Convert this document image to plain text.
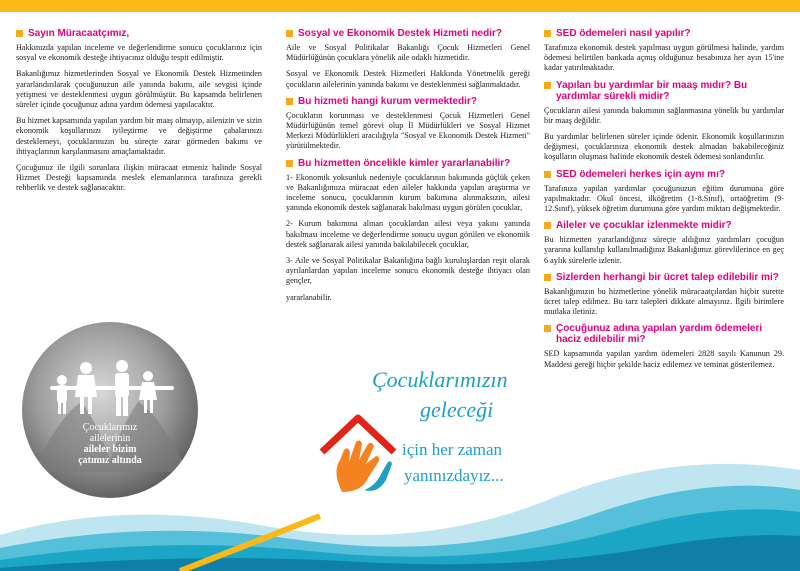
Sayın Müracaatçımız,

Hakkınızda yapılan inceleme ve değerlendirme sonucu çocuklarınız için sosyal ve ekonomik desteğe ihtiyacınız olduğu tespit edilmiştir.

Bakanlığımız hizmetlerinden Sosyal ve Ekonomik Destek Hizmetinden yararlandırılarak çocuğunuzun aile yanında bakımı, aile sevgisi içinde yetişmesi ve desteklenmesi uygun görülmüştür. Bu kapsamda belirlenen süreler içinde çocuğunuz adına yardım ödemesi yapılacaktır.

Bu hizmet kapsamında yapılan yardım bir maaş olmayıp, ailenizin ve sizin ekonomik koşullarınızı iyileştirme ve değiştirme çabalarınızı desteklemeyi, çocuklarınızın bu süreçte zarar görmeden bakımı ve ihtiyaçlarının karşılanmasını amaçlamaktadır.

Çocuğunuz ile ilgili sorunlara ilişkin müracaat etmeniz halinde Sosyal Hizmet Desteği kapsamında meslek elemanlarınca tarafınıza gerekli rehberlik ve destek sağlanacaktır.

Çocuklarımız
ailelerinin
aileler bizim
çatımız altında
Sosyal ve Ekonomik Destek Hizmeti nedir?

Aile ve Sosyal Politikalar Bakanlığı Çocuk Hizmetleri Genel Müdürlüğünün çocuklara yönelik aile odaklı hizmetidir.

Sosyal ve Ekonomik Destek Hizmetleri Hakkında Yönetmelik gereği çocukların ailelerinin yanında bakımı ve desteklenmesi sağlanmaktadır.

Bu hizmeti hangi kurum vermektedir?

Çocukların korunması ve desteklenmesi Çocuk Hizmetleri Genel Müdürlüğünün temel görevi olup İl Müdürlükleri ve Sosyal Hizmet Merkezi Müdürlükleri aracılığıyla "Sosyal ve Ekonomik Destek Hizmeti" yürütülmektedir.

Bu hizmetten öncelikle kimler yararlanabilir?

1- Ekonomik yoksunluk nedeniyle çocuklarının bakımında güçlük çeken ve Bakanlığımıza müracaat eden aileler hakkında yapılan araştırma ve inceleme sonucu, çocuklarının kurum bakımına alınmaksızın, ailesi yanında ekonomik destek sağlanarak bakılması uygun görülen çocuklar,

2- Kurum bakımına alınan çocuklardan ailesi veya yakını yanında bakılması inceleme ve değerlendirme sonucu uygun görülen ve ekonomik destek sağlanarak ailesi yanında bakılabilecek çocuklar,

3- Aile ve Sosyal Politikalar Bakanlığına bağlı kuruluşlardan reşit olarak ayrılanlardan yapılan inceleme sonucu ekonomik desteğe ihtiyacı olan gençler,

yararlanabilir.

Çocuklarımızın
geleceği
için her zaman
yanınızdayız...
SED ödemeleri nasıl yapılır?

Tarafınıza ekonomik destek yapılması uygun görülmesi halinde, yardım ödemesi belirtilen bankada açmış olduğunuz hesabınıza her ayın 15'ine kadar yatırılmaktadır.

Yapılan bu yardımlar bir maaş mıdır? Bu yardımlar sürekli midir?

Çocukların ailesi yanında bakımının sağlanmasına yönelik bu yardımlar bir maaş değildir.

Bu yardımlar belirlenen süreler içinde ödenir. Ekonomik koşullarınızın değişmesi, çocuklarınıza ekonomik destek almadan bakabileceğiniz koşulların oluşması halinde ekonomik destek ödemesi sonlandırılır.

SED ödemeleri herkes için aynı mı?

Tarafınıza yapılan yardımlar çocuğunuzun eğitim durumuna göre yapılmaktadır. Okul öncesi, ilköğretim (1-8.Sınıf), ortaöğretim (9-12.Sınıf), yüksek öğretim durumuna göre yardım miktarı değişmektedir.

Aileler ve çocuklar izlenmekte midir?

Bu hizmetten yararlandığınız süreçte aldığınız yardımları çocuğun yararına kullanılıp kullanılmadığınız Bakanlığımız görevlilerince en geç 6 aylık sürelerle izlenir.

Sizlerden herhangi bir ücret talep edilebilir mi?

Bakanlığımızın bu hizmetlerine yönelik müracaatçılardan hiçbir surette ücret talep edilmez. Bu tarz talepleri dikkate almayınız. İlgili birimlere mutlaka iletiniz.

Çocuğunuz adına yapılan yardım ödemeleri haciz edilebilir mi?

SED kapsamında yapılan yardım ödemeleri 2828 sayılı Kanunun 29. Maddesi gereği hiçbir şekilde haciz edilemez ve teminat gösterilemez.
